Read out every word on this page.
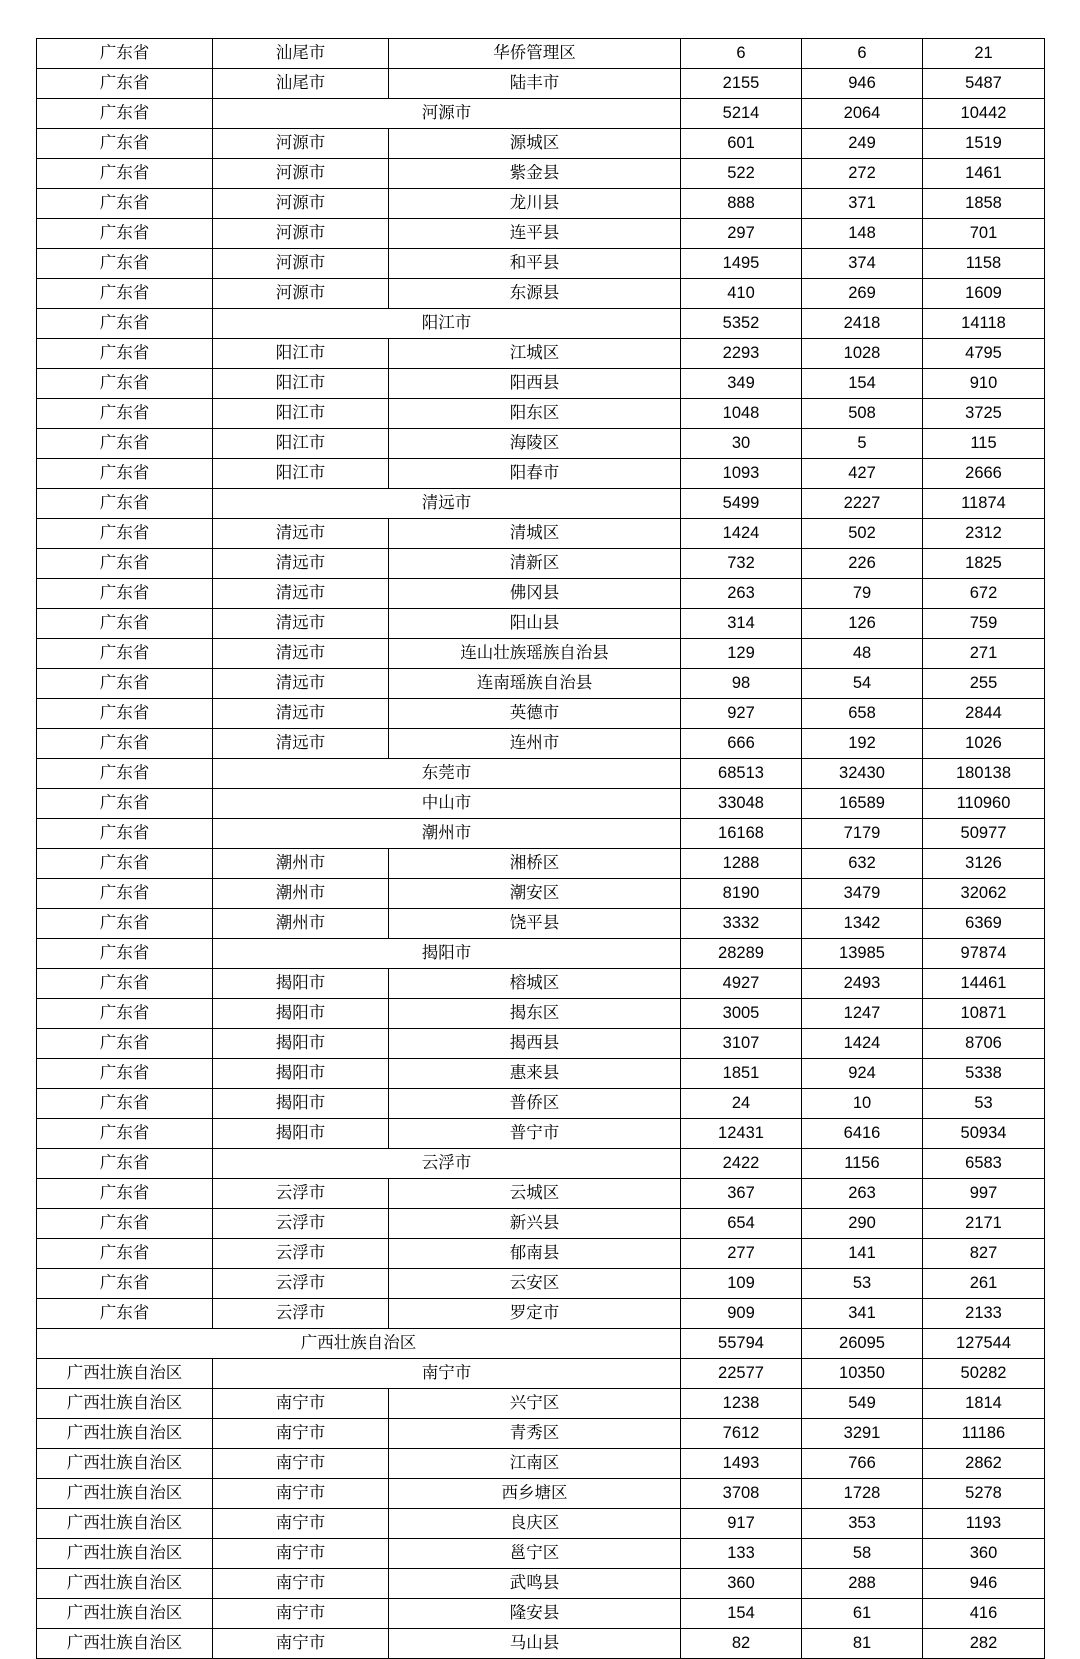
广东省	汕尾市	华侨管理区	6	6	21
广东省	汕尾市	陆丰市	2155	946	5487
广东省	河源市		5214	2064	10442
广东省	河源市	源城区	601	249	1519
广东省	河源市	紫金县	522	272	1461
广东省	河源市	龙川县	888	371	1858
广东省	河源市	连平县	297	148	701
广东省	河源市	和平县	1495	374	1158
广东省	河源市	东源县	410	269	1609
广东省	阳江市		5352	2418	14118
广东省	阳江市	江城区	2293	1028	4795
广东省	阳江市	阳西县	349	154	910
广东省	阳江市	阳东区	1048	508	3725
广东省	阳江市	海陵区	30	5	115
广东省	阳江市	阳春市	1093	427	2666
广东省	清远市		5499	2227	11874
广东省	清远市	清城区	1424	502	2312
广东省	清远市	清新区	732	226	1825
广东省	清远市	佛冈县	263	79	672
广东省	清远市	阳山县	314	126	759
广东省	清远市	连山壮族瑶族自治县	129	48	271
广东省	清远市	连南瑶族自治县	98	54	255
广东省	清远市	英德市	927	658	2844
广东省	清远市	连州市	666	192	1026
广东省	东莞市		68513	32430	180138
广东省	中山市		33048	16589	110960
广东省	潮州市		16168	7179	50977
广东省	潮州市	湘桥区	1288	632	3126
广东省	潮州市	潮安区	8190	3479	32062
广东省	潮州市	饶平县	3332	1342	6369
广东省	揭阳市		28289	13985	97874
广东省	揭阳市	榕城区	4927	2493	14461
广东省	揭阳市	揭东区	3005	1247	10871
广东省	揭阳市	揭西县	3107	1424	8706
广东省	揭阳市	惠来县	1851	924	5338
广东省	揭阳市	普侨区	24	10	53
广东省	揭阳市	普宁市	12431	6416	50934
广东省	云浮市		2422	1156	6583
广东省	云浮市	云城区	367	263	997
广东省	云浮市	新兴县	654	290	2171
广东省	云浮市	郁南县	277	141	827
广东省	云浮市	云安区	109	53	261
广东省	云浮市	罗定市	909	341	2133
广西壮族自治区			55794	26095	127544
广西壮族自治区	南宁市		22577	10350	50282
广西壮族自治区	南宁市	兴宁区	1238	549	1814
广西壮族自治区	南宁市	青秀区	7612	3291	11186
广西壮族自治区	南宁市	江南区	1493	766	2862
广西壮族自治区	南宁市	西乡塘区	3708	1728	5278
广西壮族自治区	南宁市	良庆区	917	353	1193
广西壮族自治区	南宁市	邕宁区	133	58	360
广西壮族自治区	南宁市	武鸣县	360	288	946
广西壮族自治区	南宁市	隆安县	154	61	416
广西壮族自治区	南宁市	马山县	82	81	282
